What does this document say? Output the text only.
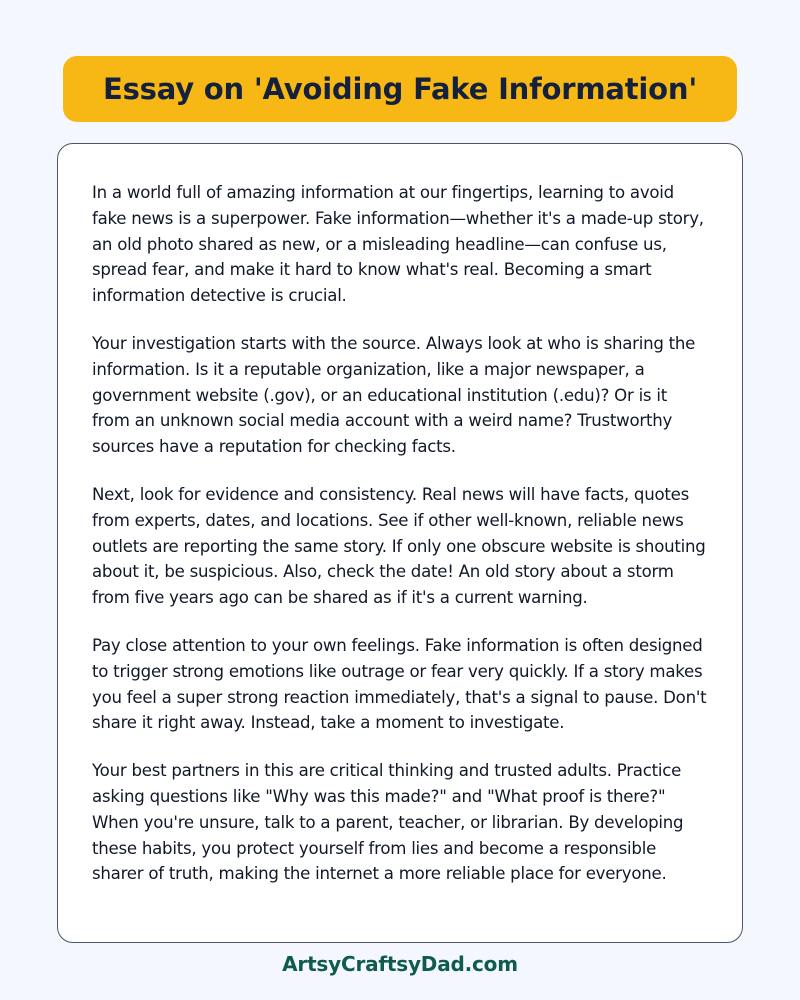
Essay on 'Avoiding Fake Information'

In a world full of amazing information at our fingertips, learning to avoid fake news is a superpower. Fake information—whether it's a made-up story, an old photo shared as new, or a misleading headline—can confuse us, spread fear, and make it hard to know what's real. Becoming a smart information detective is crucial.

Your investigation starts with the source. Always look at who is sharing the information. Is it a reputable organization, like a major newspaper, a government website (.gov), or an educational institution (.edu)? Or is it from an unknown social media account with a weird name? Trustworthy sources have a reputation for checking facts.

Next, look for evidence and consistency. Real news will have facts, quotes from experts, dates, and locations. See if other well-known, reliable news outlets are reporting the same story. If only one obscure website is shouting about it, be suspicious. Also, check the date! An old story about a storm from five years ago can be shared as if it's a current warning.

Pay close attention to your own feelings. Fake information is often designed to trigger strong emotions like outrage or fear very quickly. If a story makes you feel a super strong reaction immediately, that's a signal to pause. Don't share it right away. Instead, take a moment to investigate.

Your best partners in this are critical thinking and trusted adults. Practice asking questions like "Why was this made?" and "What proof is there?" When you're unsure, talk to a parent, teacher, or librarian. By developing these habits, you protect yourself from lies and become a responsible sharer of truth, making the internet a more reliable place for everyone.

ArtsyCraftsyDad.com
